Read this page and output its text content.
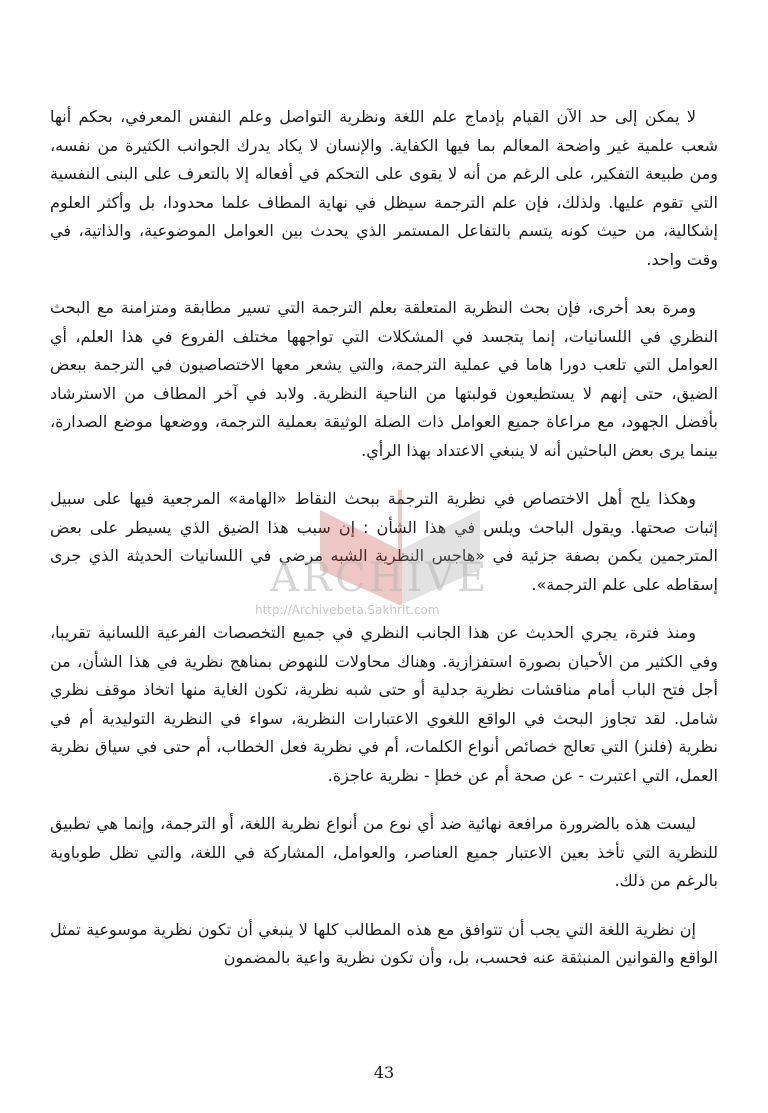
لا يمكن إلى حد الآن القيام بإدماج علم اللغة ونظرية التواصل وعلم النفس المعرفي، بحكم أنها شعب علمية غير واضحة المعالم بما فيها الكفاية. والإنسان لا يكاد يدرك الجوانب الكثيرة من نفسه، ومن طبيعة التفكير، على الرغم من أنه لا يقوى على التحكم في أفعاله إلا بالتعرف على البنى النفسية التي تقوم عليها. ولذلك، فإن علم الترجمة سيظل في نهاية المطاف علما محدودا، بل وأكثر العلوم إشكالية، من حيث كونه يتسم بالتفاعل المستمر الذي يحدث بين العوامل الموضوعية، والذاتية، في وقت واحد.

ومرة بعد أخرى، فإن بحث النظرية المتعلقة بعلم الترجمة التي تسير مطابقة ومتزامنة مع البحث النظري في اللسانيات، إنما يتجسد في المشكلات التي تواجهها مختلف الفروع في هذا العلم، أي العوامل التي تلعب دورا هاما في عملية الترجمة، والتي يشعر معها الاختصاصيون في الترجمة ببعض الضيق، حتى إنهم لا يستطيعون قولبتها من الناحية النظرية. ولابد في آخر المطاف من الاسترشاد بأفضل الجهود، مع مراعاة جميع العوامل ذات الصلة الوثيقة بعملية الترجمة، ووضعها موضع الصدارة، بينما يرى بعض الباحثين أنه لا ينبغي الاعتداد بهذا الرأي.

وهكذا يلح أهل الاختصاص في نظرية الترجمة ببحث النقاط «الهامة» المرجعية فيها على سبيل إثبات صحتها. ويقول الباحث ويلس في هذا الشأن : إن سبب هذا الضيق الذي يسيطر على بعض المترجمين يكمن بصفة جزئية في «هاجس النظرية الشبه مرضي في اللسانيات الحديثة الذي جرى إسقاطه على علم الترجمة».

ومنذ فترة، يجري الحديث عن هذا الجانب النظري في جميع التخصصات الفرعية اللسانية تقريبا، وفي الكثير من الأحيان بصورة استفزازية. وهناك محاولات للنهوض بمناهج نظرية في هذا الشأن، من أجل فتح الباب أمام مناقشات نظرية جدلية أو حتى شبه نظرية، تكون الغاية منها اتخاذ موقف نظري شامل. لقد تجاوز البحث في الواقع اللغوي الاعتبارات النظرية، سواء في النظرية التوليدية أم في نظرية (فلنز) التي تعالج خصائص أنواع الكلمات، أم في نظرية فعل الخطاب، أم حتى في سياق نظرية العمل، التي اعتبرت - عن صحة أم عن خطإ - نظرية عاجزة.

ليست هذه بالضرورة مرافعة نهائية ضد أي نوع من أنواع نظرية اللغة، أو الترجمة، وإنما هي تطبيق للنظرية التي تأخذ بعين الاعتبار جميع العناصر، والعوامل، المشاركة في اللغة، والتي تظل طوباوية بالرغم من ذلك.

إن نظرية اللغة التي يجب أن تتوافق مع هذه المطالب كلها لا ينبغي أن تكون نظرية موسوعية تمثل الواقع والقوانين المنبثقة عنه فحسب، بل، وأن تكون نظرية واعية بالمضمون

ARCHIVE
http://Archivebeta.Sakhrit.com
43
